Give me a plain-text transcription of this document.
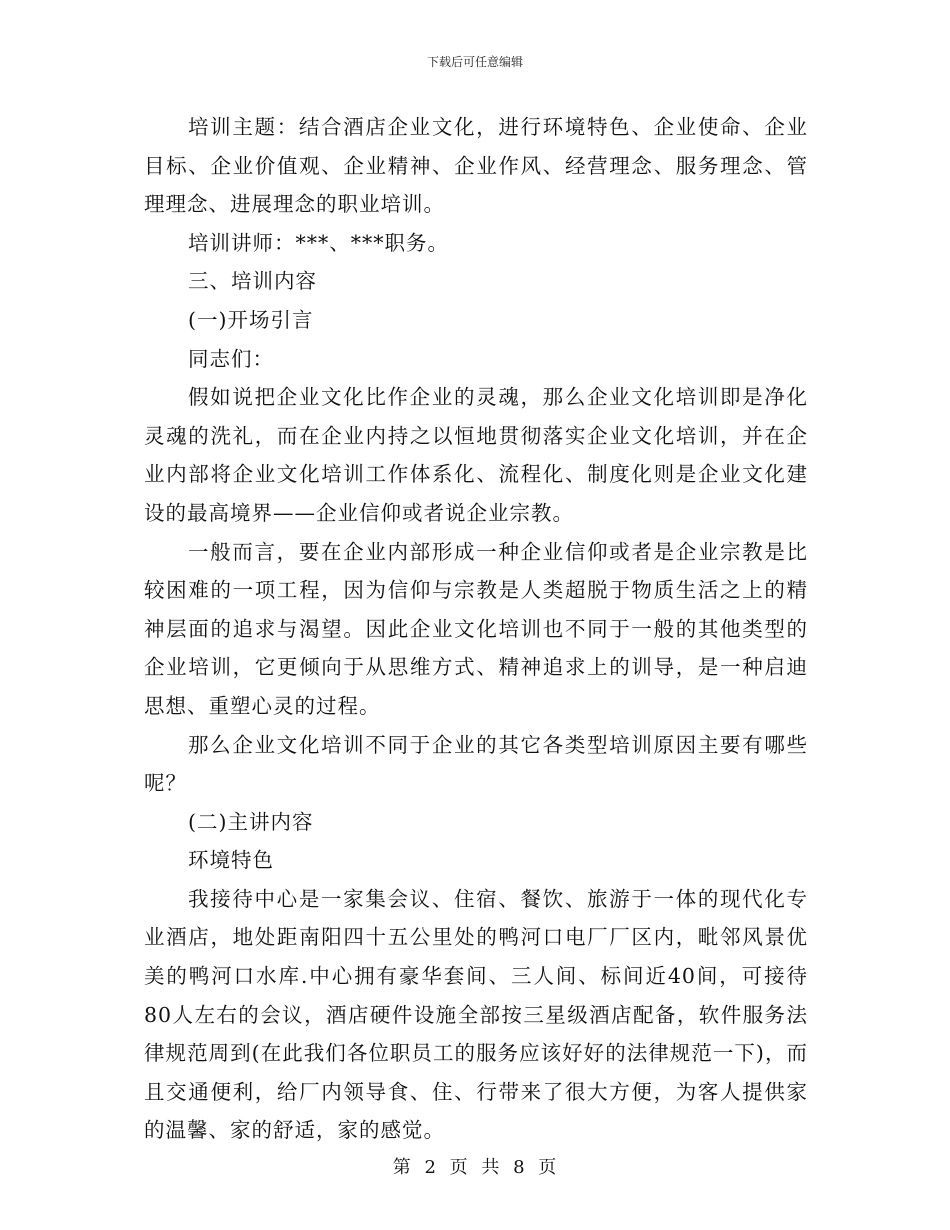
下载后可任意编辑

培训主题：结合酒店企业文化，进行环境特色、企业使命、企业目标、企业价值观、企业精神、企业作风、经营理念、服务理念、管理理念、进展理念的职业培训。

培训讲师：***、***职务。

三、培训内容

(一)开场引言

同志们：

假如说把企业文化比作企业的灵魂，那么企业文化培训即是净化灵魂的洗礼，而在企业内持之以恒地贯彻落实企业文化培训，并在企业内部将企业文化培训工作体系化、流程化、制度化则是企业文化建设的最高境界——企业信仰或者说企业宗教。

一般而言，要在企业内部形成一种企业信仰或者是企业宗教是比较困难的一项工程，因为信仰与宗教是人类超脱于物质生活之上的精神层面的追求与渴望。因此企业文化培训也不同于一般的其他类型的企业培训，它更倾向于从思维方式、精神追求上的训导，是一种启迪思想、重塑心灵的过程。

那么企业文化培训不同于企业的其它各类型培训原因主要有哪些呢？

(二)主讲内容

环境特色

我接待中心是一家集会议、住宿、餐饮、旅游于一体的现代化专业酒店，地处距南阳四十五公里处的鸭河口电厂厂区内，毗邻风景优美的鸭河口水库.中心拥有豪华套间、三人间、标间近40间，可接待80人左右的会议，酒店硬件设施全部按三星级酒店配备，软件服务法律规范周到(在此我们各位职员工的服务应该好好的法律规范一下)，而且交通便利，给厂内领导食、住、行带来了很大方便，为客人提供家的温馨、家的舒适，家的感觉。

第 2 页 共 8 页
